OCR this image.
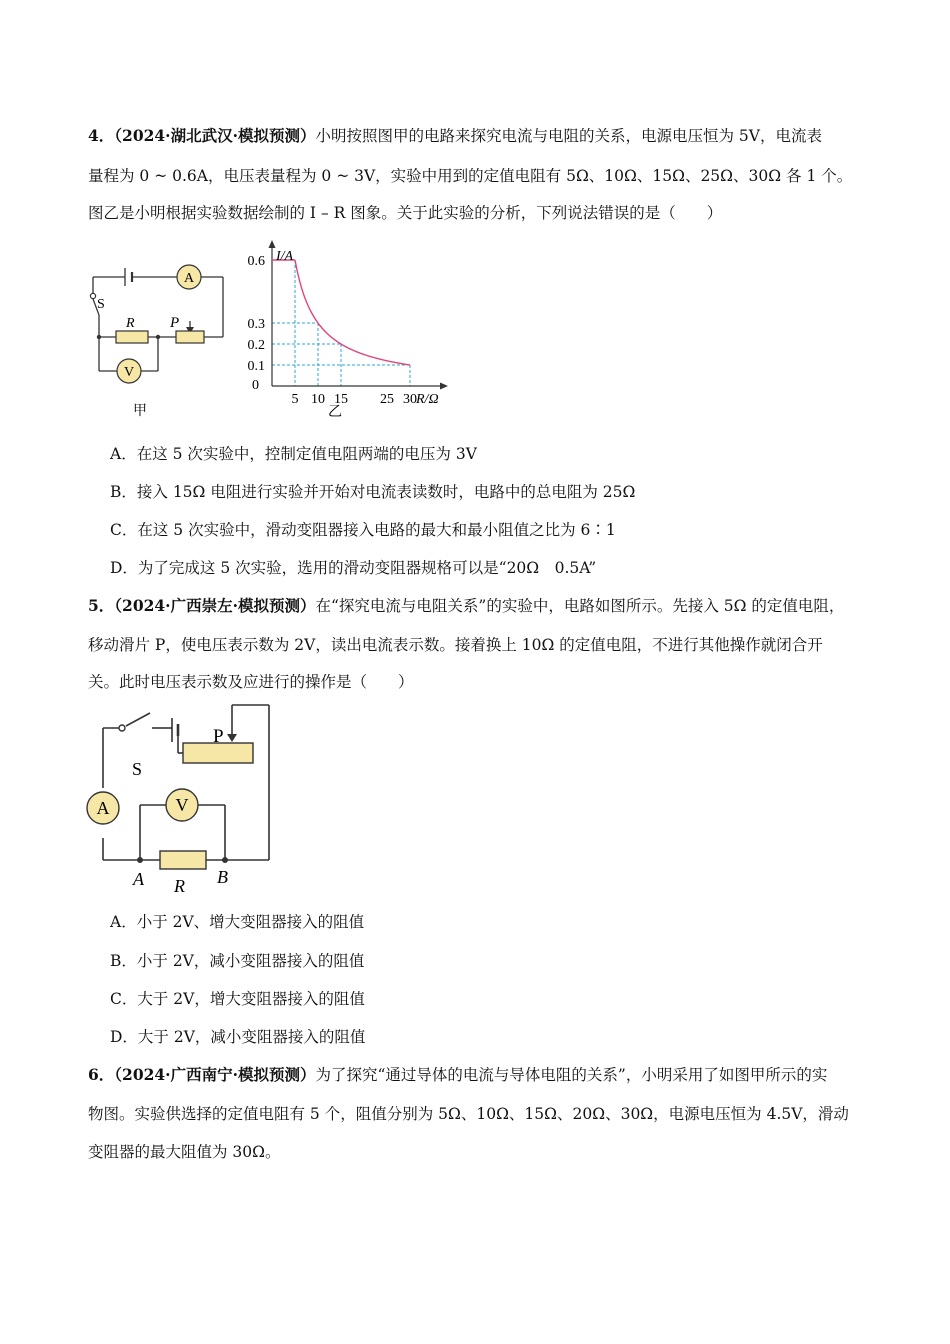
4．（2024·湖北武汉·模拟预测）小明按照图甲的电路来探究电流与电阻的关系，电源电压恒为 5V，电流表
量程为 0 ~ 0.6A，电压表量程为 0 ~ 3V，实验中用到的定值电阻有 5Ω、10Ω、15Ω、25Ω、30Ω 各 1 个。
图乙是小明根据实验数据绘制的 I – R 图象。关于此实验的分析，下列说法错误的是（　　）
A
V
S
R P
甲
5 10 15 25 30
0.6
0.3
0.2
0.1
I/A
R/Ω
0
乙
A．在这 5 次实验中，控制定值电阻两端的电压为 3V
B．接入 15Ω 电阻进行实验并开始对电流表读数时，电路中的总电阻为 25Ω
C．在这 5 次实验中，滑动变阻器接入电路的最大和最小阻值之比为 6∶1
D．为了完成这 5 次实验，选用的滑动变阻器规格可以是“20Ω　0.5A”
5．（2024·广西崇左·模拟预测）在“探究电流与电阻关系”的实验中，电路如图所示。先接入 5Ω 的定值电阻，
移动滑片 P，使电压表示数为 2V，读出电流表示数。接着换上 10Ω 的定值电阻，不进行其他操作就闭合开
关。此时电压表示数及应进行的操作是（　　）
A	V
S
P
A R B
A．小于 2V、增大变阻器接入的阻值
B．小于 2V，减小变阻器接入的阻值
C．大于 2V，增大变阻器接入的阻值
D．大于 2V，减小变阻器接入的阻值
6．（2024·广西南宁·模拟预测）为了探究“通过导体的电流与导体电阻的关系”，小明采用了如图甲所示的实
物图。实验供选择的定值电阻有 5 个，阻值分别为 5Ω、10Ω、15Ω、20Ω、30Ω，电源电压恒为 4.5V，滑动
变阻器的最大阻值为 30Ω。
